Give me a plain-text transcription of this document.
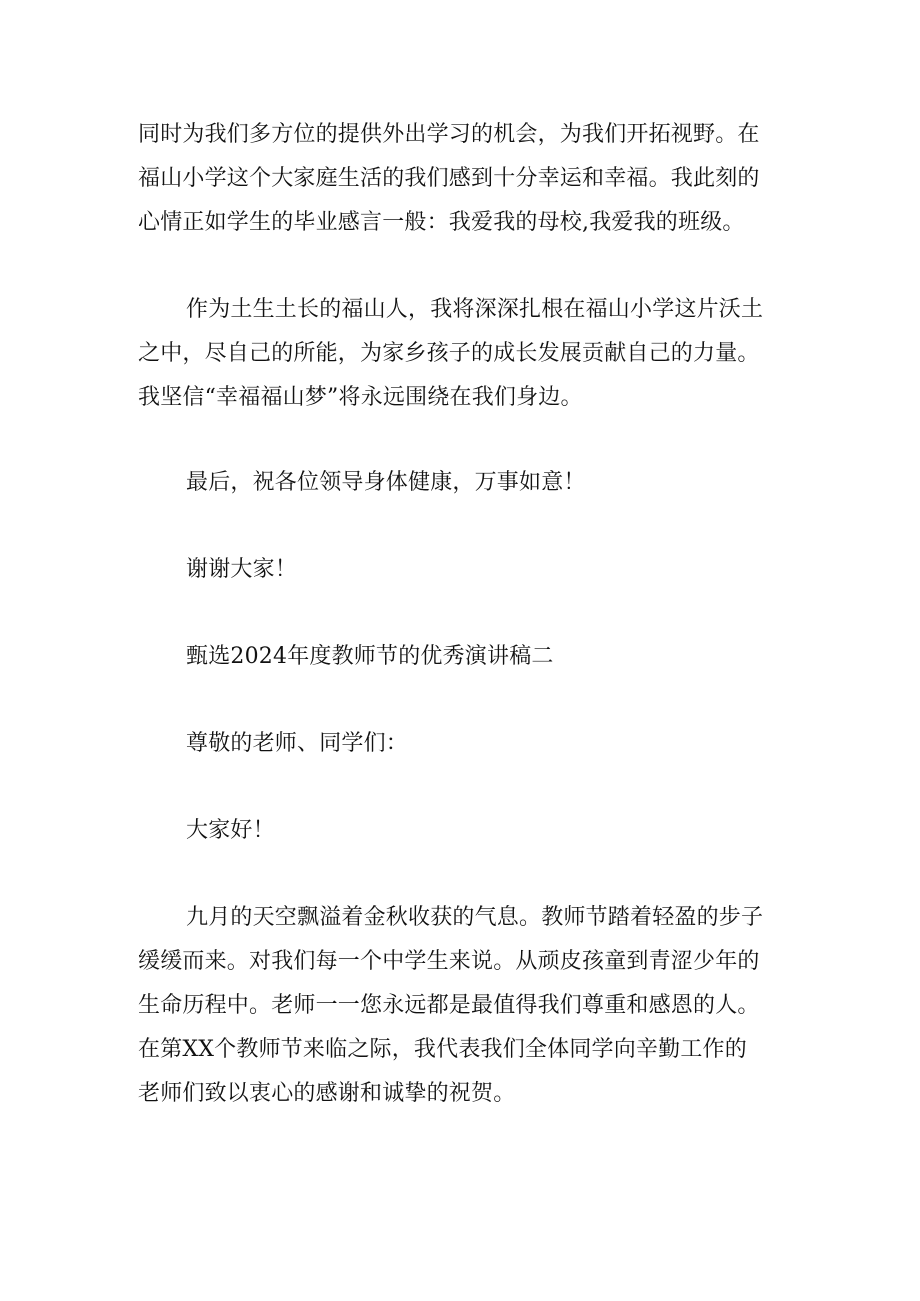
同时为我们多方位的提供外出学习的机会，为我们开拓视野。在
福山小学这个大家庭生活的我们感到十分幸运和幸福。我此刻的
心情正如学生的毕业感言一般：我爱我的母校,我爱我的班级。
作为土生土长的福山人，我将深深扎根在福山小学这片沃土
之中，尽自己的所能，为家乡孩子的成长发展贡献自己的力量。
我坚信“幸福福山梦”将永远围绕在我们身边。
最后，祝各位领导身体健康，万事如意！
谢谢大家！
甄选2024年度教师节的优秀演讲稿二
尊敬的老师、同学们：
大家好！
九月的天空飘溢着金秋收获的气息。教师节踏着轻盈的步子
缓缓而来。对我们每一个中学生来说。从顽皮孩童到青涩少年的
生命历程中。老师一一您永远都是最值得我们尊重和感恩的人。
在第XX个教师节来临之际，我代表我们全体同学向辛勤工作的
老师们致以衷心的感谢和诚挚的祝贺。
